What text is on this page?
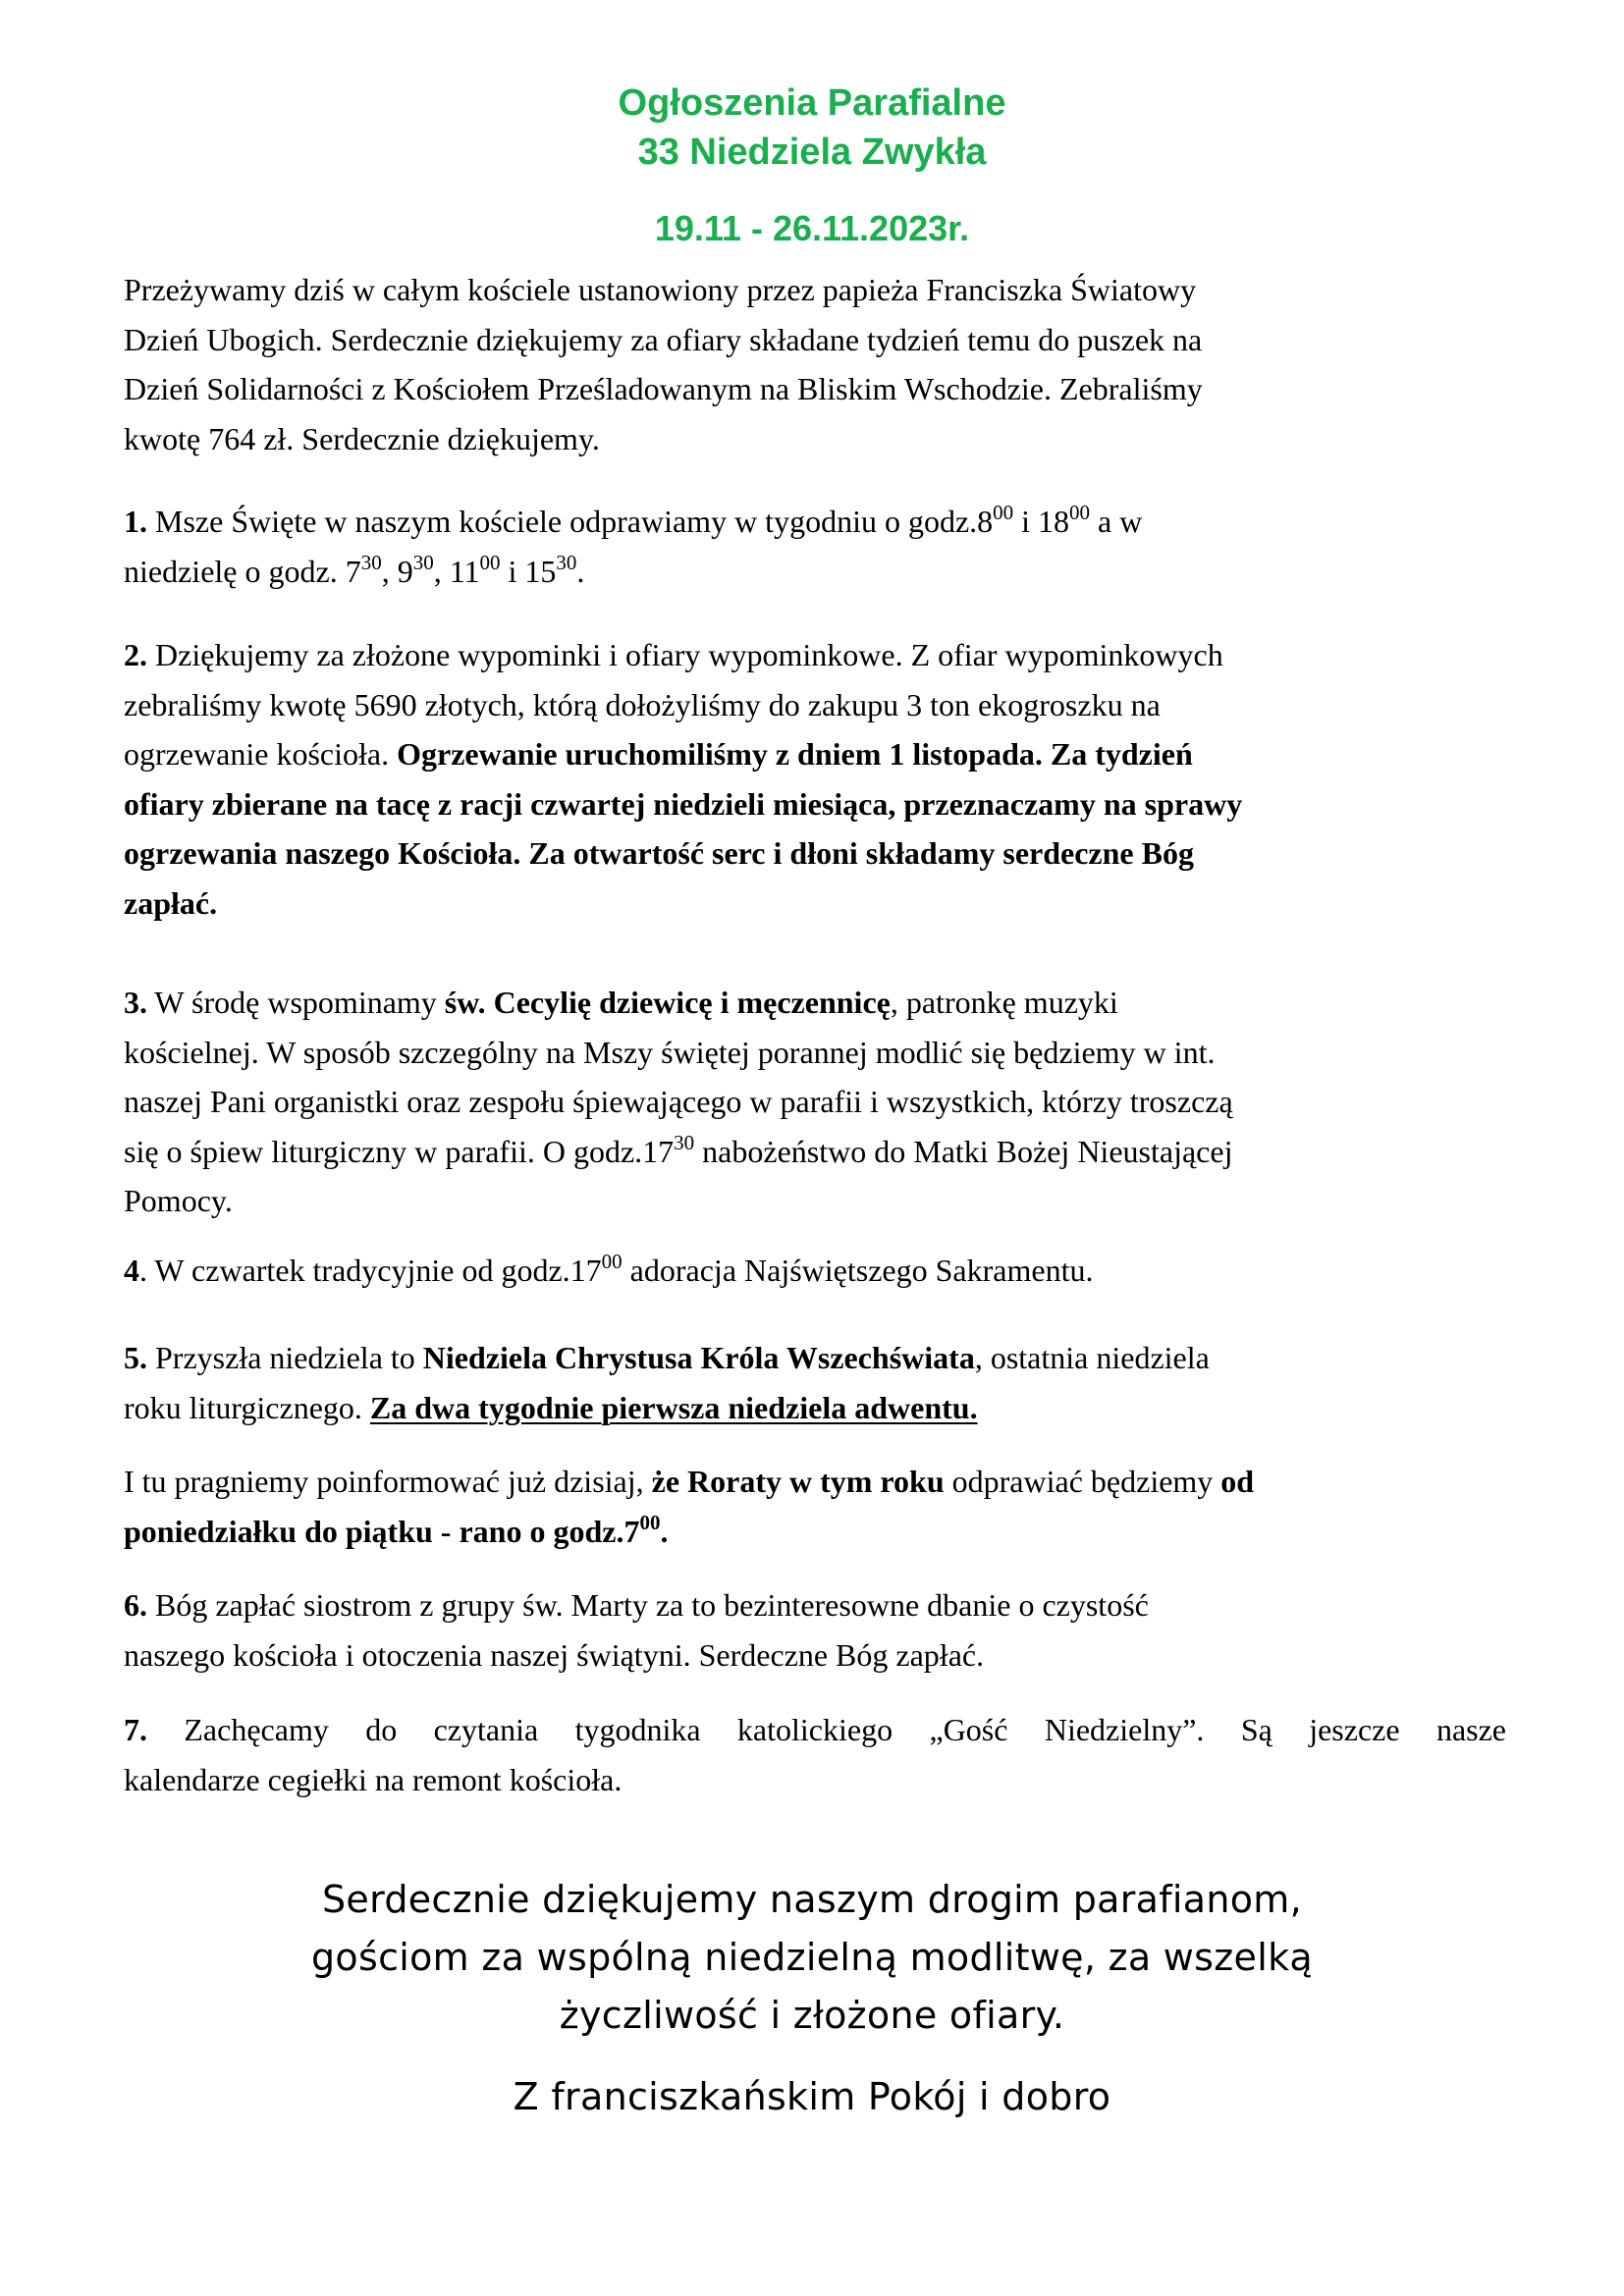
Ogłoszenia Parafialne
33 Niedziela Zwykła
19.11 - 26.11.2023r.
Przeżywamy dziś w całym kościele ustanowiony przez papieża Franciszka Światowy
Dzień Ubogich. Serdecznie dziękujemy za ofiary składane tydzień temu do puszek na
Dzień Solidarności z Kościołem Prześladowanym na Bliskim Wschodzie. Zebraliśmy
kwotę 764 zł. Serdecznie dziękujemy.
1. Msze Święte w naszym kościele odprawiamy w tygodniu o $godz.8^{00}$ i $18^{00}$ a w
niedzielę o godz. $7^{30}$, $9^{30}$, $11^{00}$ i $15^{30}$.
2. Dziękujemy za złożone wypominki i ofiary wypominkowe. Z ofiar wypominkowych
zebraliśmy kwotę 5690 złotych, którą dołożyliśmy do zakupu 3 ton ekogroszku na
ogrzewanie kościoła. Ogrzewanie uruchomiliśmy z dniem 1 listopada. Za tydzień
ofiary zbierane na tacę z racji czwartej niedzieli miesiąca, przeznaczamy na sprawy
ogrzewania naszego Kościoła. Za otwartość serc i dłoni składamy serdeczne Bóg
zapłać.
3. W środę wspominamy św. Cecylię dziewicę i męczennicę, patronkę muzyki
kościelnej. W sposób szczególny na Mszy świętej porannej modlić się będziemy w int.
naszej Pani organistki oraz zespołu śpiewającego w parafii i wszystkich, którzy troszczą
się o śpiew liturgiczny w parafii. O $godz.17^{30}$ nabożeństwo do Matki Bożej Nieustającej
Pomocy.
4. W czwartek tradycyjnie od $godz.17^{00}$ adoracja Najświętszego Sakramentu.
5. Przyszła niedziela to Niedziela Chrystusa Króla Wszechświata, ostatnia niedziela
roku liturgicznego. Za dwa tygodnie pierwsza niedziela adwentu.
I tu pragniemy poinformować już dzisiaj, że Roraty w tym roku odprawiać będziemy od
poniedziałku do piątku - rano o $godz.7^{00}$.
6. Bóg zapłać siostrom z grupy św. Marty za to bezinteresowne dbanie o czystość
naszego kościoła i otoczenia naszej świątyni. Serdeczne Bóg zapłać.
7. Zachęcamy do czytania tygodnika katolickiego „Gość Niedzielny”. Są jeszcze nasze
kalendarze cegiełki na remont kościoła.
Serdecznie dziękujemy naszym drogim parafianom,
gościom za wspólną niedzielną modlitwę, za wszelką
życzliwość i złożone ofiary.
Z franciszkańskim Pokój i dobro
